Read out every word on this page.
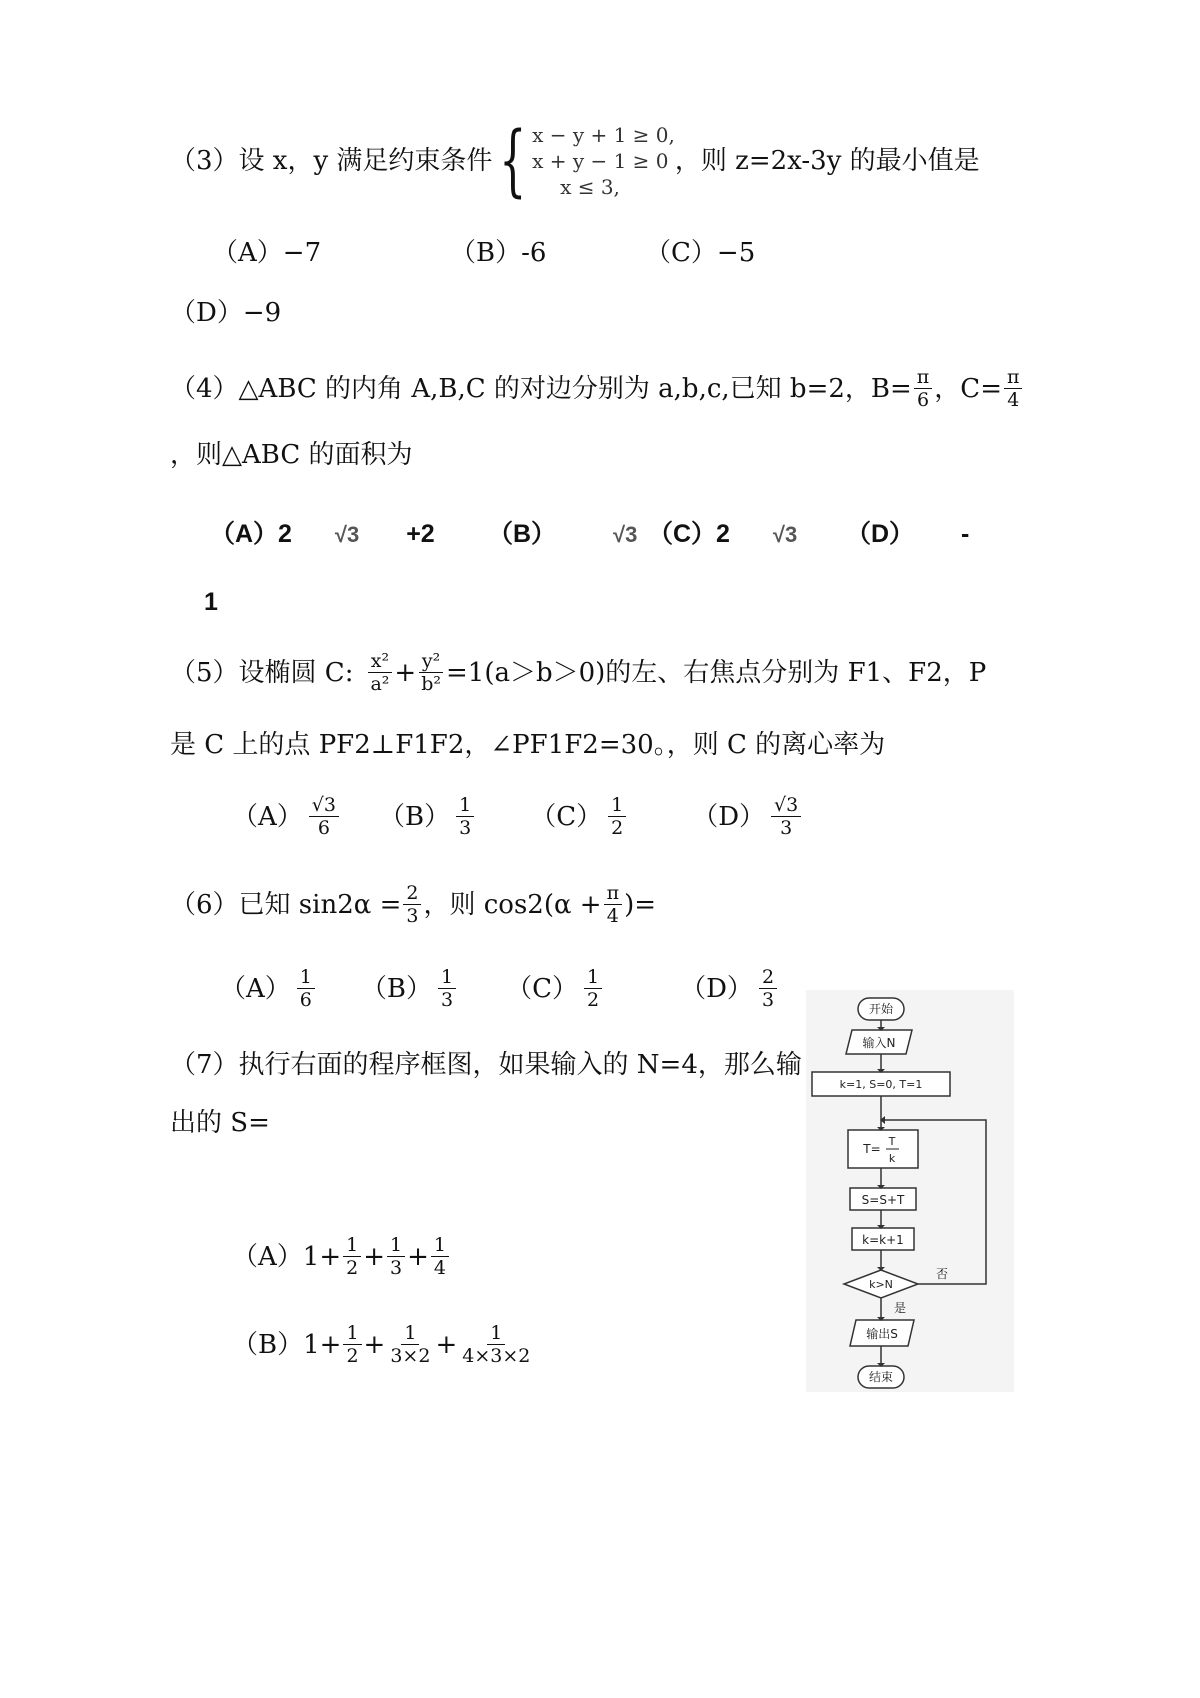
（3）设 x，y 满足约束条件 { x − y + 1 ≥ 0,
x + y − 1 ≥ 0
x ≤ 3,
，则 z=2x-3y 的最小值是
（A）−7	（B）-6	（C）−5
（D）−9
（4）△ABC 的内角 A,B,C 的对边分别为 a,b,c,已知 b=2，$B= \frac{\pi}{6}$ ，$C= \frac{\pi}{4}$
，则△ABC 的面积为
（A）2 √3 +2 （B）	√3 （C）2 √3 （D） -
1
（5）设椭圆 C: $\frac{\text{x²}}{\text{a²}} + \frac{\text{y²}}{\text{b²}} =1(a>b>0)$的左、右焦点分别为 F1、F2，P
是 C 上的点 PF2⊥F1F2，∠PF1F2=30。，则 C 的离心率为
$(A) \frac{√3}{6} (B) \frac{1}{3} (C) \frac{1}{2} (D) \frac{√3}{3}$
（6）已知 $\sin 2\alpha = \frac{2}{3}$ ，则 $\cos 2(\alpha + \frac{\pi}{4}$ )=
$(A) \frac{1}{6} (B) \frac{1}{3} (C) \frac{1}{2}$	$(D) \frac{2}{3}$
（7）执行右面的程序框图，如果输入的 N=4，那么输
出的 S=
（A） $1+ \frac{1}{2} + \frac{1}{3} + \frac{1}{4}$
（B） $1+ \frac{1}{2} + \frac{1}{3\times 2} + \frac{1}{4\times 3\times 2}$
开始
输入N
k=1, S=0, T=1
T=
T
k
S=S+T
k=k+1
k>N
否
是
输出S
结束
